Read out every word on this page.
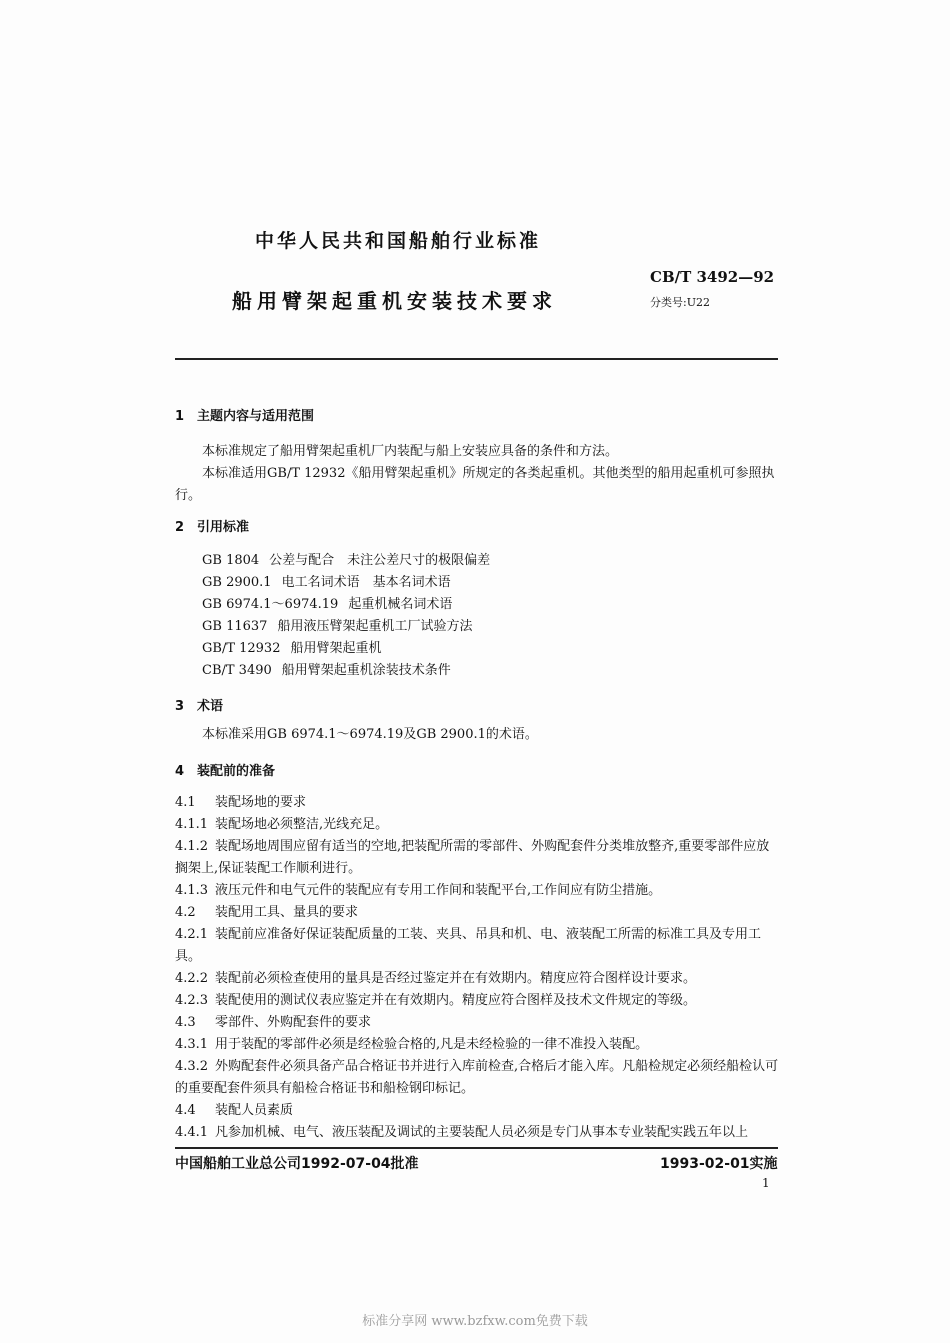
中华人民共和国船舶行业标准
船用臂架起重机安装技术要求
CB/T 3492—92
分类号:U22
1 主题内容与适用范围
本标准规定了船用臂架起重机厂内装配与船上安装应具备的条件和方法。
本标准适用GB/T 12932《船用臂架起重机》所规定的各类起重机。其他类型的船用起重机可参照执行。
2 引用标准
GB 1804 公差与配合　未注公差尺寸的极限偏差
GB 2900.1 电工名词术语　基本名词术语
GB 6974.1～6974.19 起重机械名词术语
GB 11637 船用液压臂架起重机工厂试验方法
GB/T 12932 船用臂架起重机
CB/T 3490 船用臂架起重机涂装技术条件
3 术语
本标准采用GB 6974.1～6974.19及GB 2900.1的术语。
4 装配前的准备
4.1 装配场地的要求
4.1.1 装配场地必须整洁,光线充足。
4.1.2 装配场地周围应留有适当的空地,把装配所需的零部件、外购配套件分类堆放整齐,重要零部件应放搁架上,保证装配工作顺利进行。
4.1.3 液压元件和电气元件的装配应有专用工作间和装配平台,工作间应有防尘措施。
4.2 装配用工具、量具的要求
4.2.1 装配前应准备好保证装配质量的工装、夹具、吊具和机、电、液装配工所需的标准工具及专用工具。
4.2.2 装配前必须检查使用的量具是否经过鉴定并在有效期内。精度应符合图样设计要求。
4.2.3 装配使用的测试仪表应鉴定并在有效期内。精度应符合图样及技术文件规定的等级。
4.3 零部件、外购配套件的要求
4.3.1 用于装配的零部件必须是经检验合格的,凡是未经检验的一律不准投入装配。
4.3.2 外购配套件必须具备产品合格证书并进行入库前检查,合格后才能入库。凡船检规定必须经船检认可的重要配套件须具有船检合格证书和船检钢印标记。
4.4 装配人员素质
4.4.1 凡参加机械、电气、液压装配及调试的主要装配人员必须是专门从事本专业装配实践五年以上
中国船舶工业总公司1992-07-04批准	1993-02-01实施
1
标准分享网 www.bzfxw.com免费下载
